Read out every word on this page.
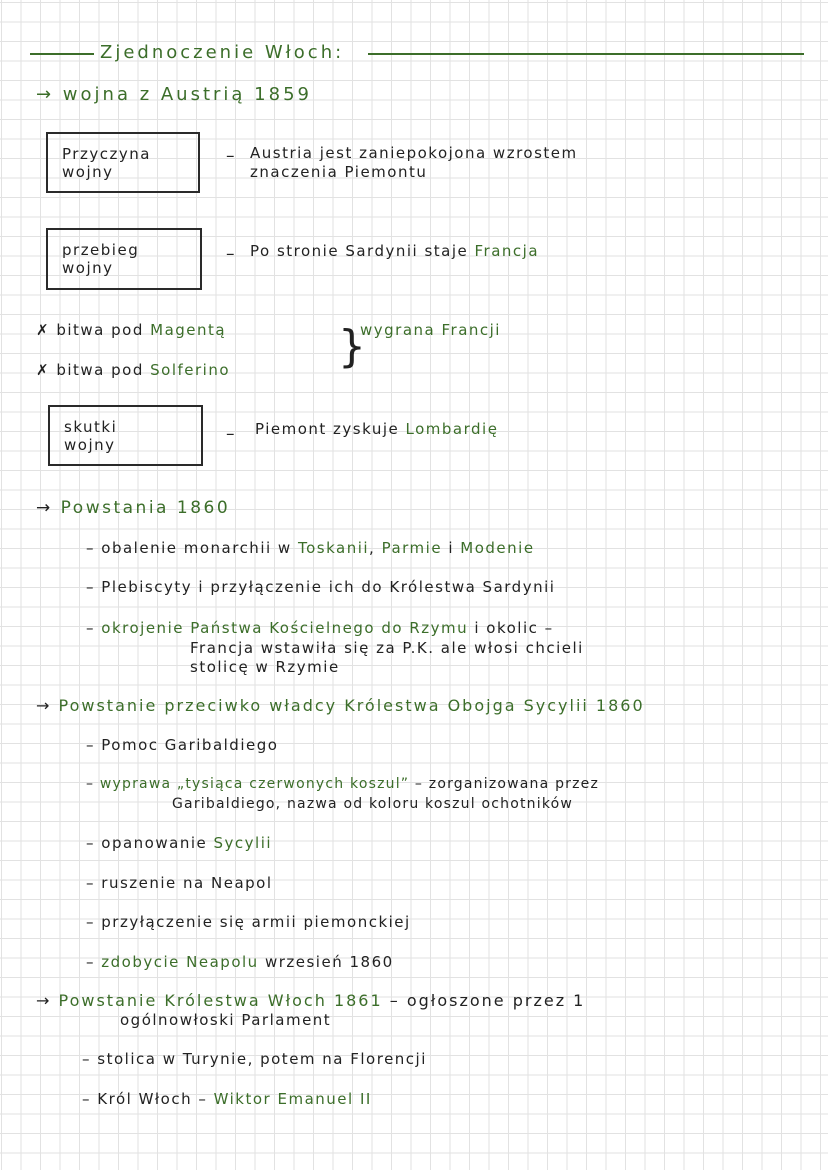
Zjednoczenie Włoch:
→ wojna z Austrią 1859
Przyczyna
wojny
– Austria jest zaniepokojona wzrostem
znaczenia Piemontu
przebieg
wojny
– Po stronie Sardynii staje Francja
✗ bitwa pod Magentą
✗ bitwa pod Solferino }
wygrana Francji
skutki
wojny
– Piemont zyskuje Lombardię
→ Powstania 1860
– obalenie monarchii w Toskanii, Parmie i Modenie
– Plebiscyty i przyłączenie ich do Królestwa Sardynii
– okrojenie Państwa Kościelnego do Rzymu i okolic –
Francja wstawiła się za P.K. ale włosi chcieli
stolicę w Rzymie
→ Powstanie przeciwko władcy Królestwa Obojga Sycylii 1860
– Pomoc Garibaldiego
– wyprawa „tysiąca czerwonych koszul” – zorganizowana przez
Garibaldiego, nazwa od koloru koszul ochotników
– opanowanie Sycylii
– ruszenie na Neapol
– przyłączenie się armii piemonckiej
– zdobycie Neapolu wrzesień 1860
→ Powstanie Królestwa Włoch 1861 – ogłoszone przez 1
ogólnowłoski Parlament
– stolica w Turynie, potem na Florencji
– Król Włoch – Wiktor Emanuel II
